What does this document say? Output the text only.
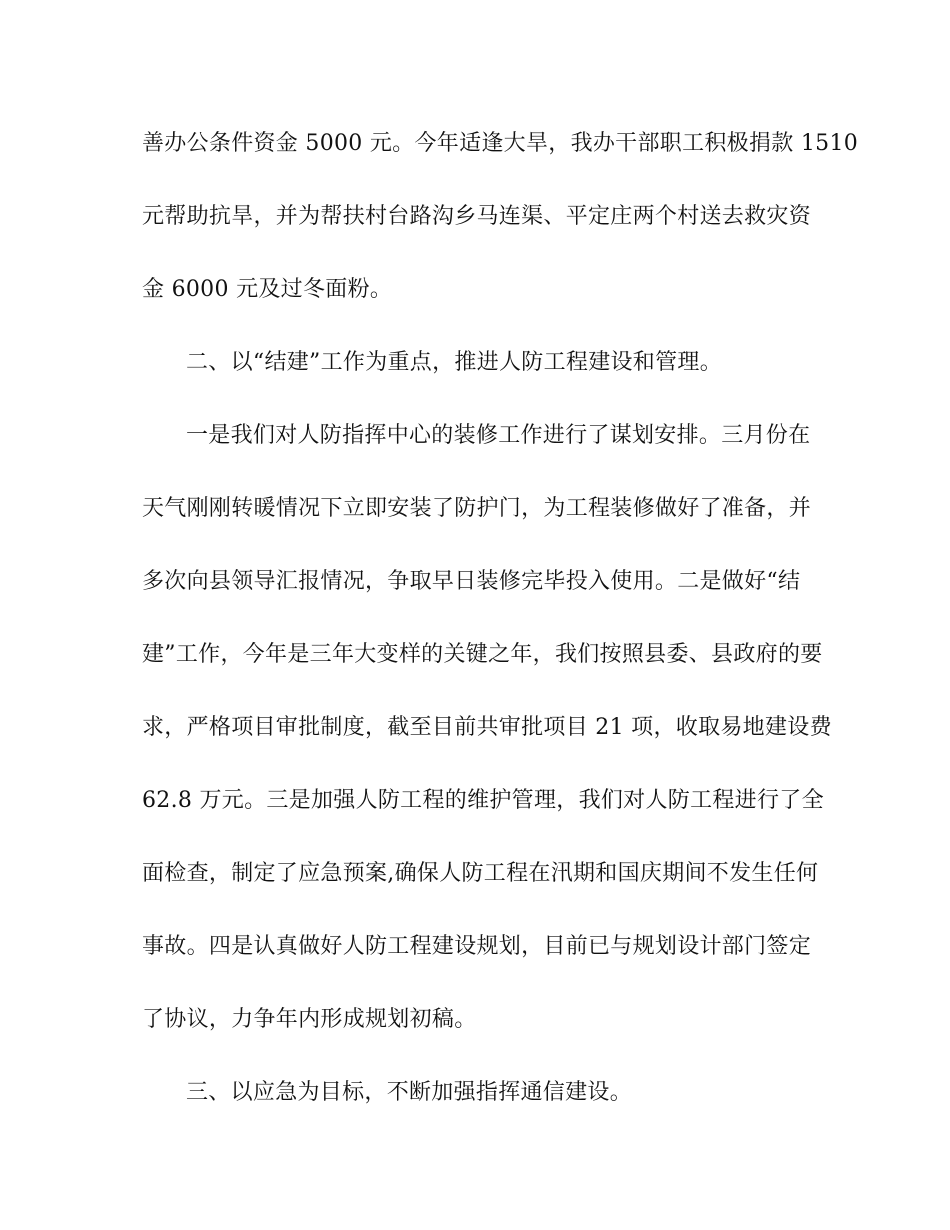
善办公条件资金 5000 元。今年适逢大旱，我办干部职工积极捐款 1510
元帮助抗旱，并为帮扶村台路沟乡马连渠、平定庄两个村送去救灾资
金 6000 元及过冬面粉。
二、以“结建”工作为重点，推进人防工程建设和管理。
一是我们对人防指挥中心的装修工作进行了谋划安排。三月份在
天气刚刚转暖情况下立即安装了防护门，为工程装修做好了准备，并
多次向县领导汇报情况，争取早日装修完毕投入使用。二是做好“结
建”工作，今年是三年大变样的关键之年，我们按照县委、县政府的要
求，严格项目审批制度，截至目前共审批项目 21 项，收取易地建设费
62.8 万元。三是加强人防工程的维护管理，我们对人防工程进行了全
面检查，制定了应急预案,确保人防工程在汛期和国庆期间不发生任何
事故。四是认真做好人防工程建设规划，目前已与规划设计部门签定
了协议，力争年内形成规划初稿。
三、以应急为目标，不断加强指挥通信建设。
